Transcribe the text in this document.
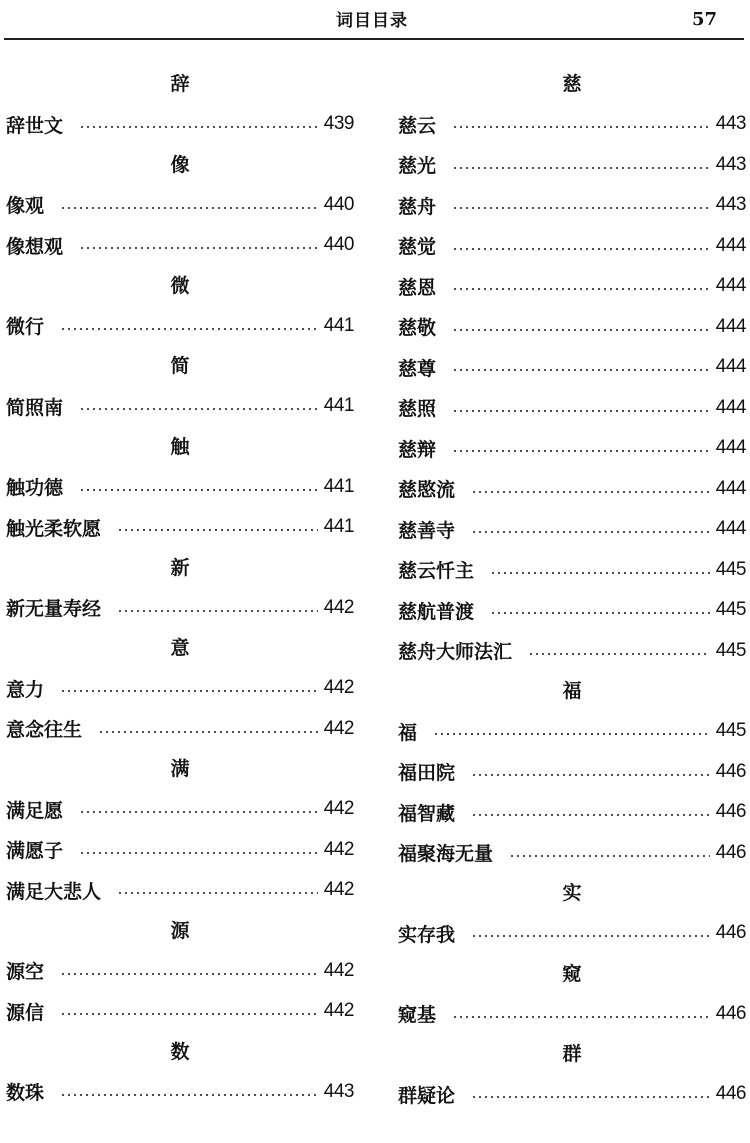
词目目录	57
辞
辞世文	439
像
像观	440
像想观	440
微
微行	441
简
简照南	441
触
触功德	441
触光柔软愿	441
新
新无量寿经	442
意
意力	442
意念往生	442
满
满足愿	442
满愿子	442
满足大悲人	442
源
源空	442
源信	442
数
数珠	443
慈
慈云	443
慈光	443
慈舟	443
慈觉	444
慈恩	444
慈敬	444
慈尊	444
慈照	444
慈辩	444
慈愍流	444
慈善寺	444
慈云忏主	445
慈航普渡	445
慈舟大师法汇	445
福
福	445
福田院	446
福智藏	446
福聚海无量	446
实
实存我	446
窥
窥基	446
群
群疑论	446
